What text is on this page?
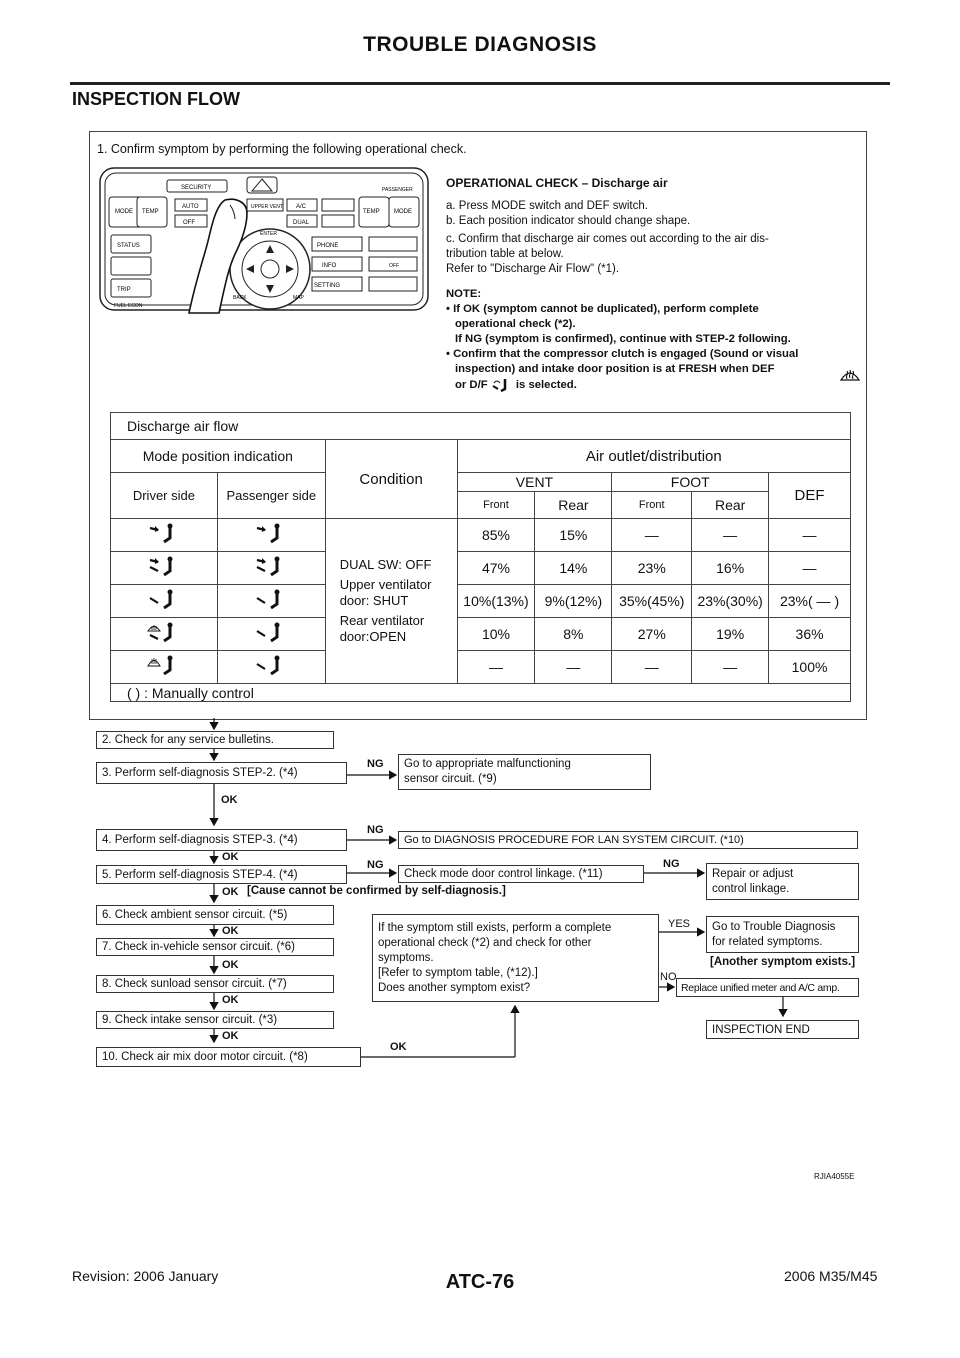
TROUBLE DIAGNOSIS
INSPECTION FLOW
1. Confirm symptom by performing the following operational check.
SECURITY	PASSENGER
MODE TEMP
AUTO
OFF
UPPER VENT A/C
DUAL
TEMP MODE
STATUS
TRIP
FUEL ECON
ENTER
BACK	MAP
PHONE
INFO
SETTING
OFF
OPERATIONAL CHECK – Discharge air
a. Press MODE switch and DEF switch.
b. Each position indicator should change shape.
c. Confirm that discharge air comes out according to the air dis-
tribution table at below.
Refer to "Discharge Air Flow" (*1).
NOTE:
• If OK (symptom cannot be duplicated), perform complete
operational check (*2).
If NG (symptom is confirmed), continue with STEP-2 following.
• Confirm that the compressor clutch is engaged (Sound or visual
inspection) and intake door position is at FRESH when DEF
or D/F	is selected.
Discharge air flow							
Mode position indication		Condition	Air outlet/distribution				
Driver side	Passenger side		VENT		FOOT		DEF
			Front	Rear	Front	Rear	

DUAL SW: OFF
Upper ventilator
door: SHUT
Rear ventilator
door:OPEN	85%	15%	—	—	—
		47%	14%	23%	16%	—
		10%(13%)	9%(12%)	35%(45%)	23%(30%)	23%( — )
		10%	8%	27%	19%	36%
		—	—	—	—	100%
( ) : Manually control							
2. Check for any service bulletins.
3. Perform self-diagnosis STEP-2. (*4)
Go to appropriate malfunctioning
sensor circuit. (*9)
4. Perform self-diagnosis STEP-3. (*4)	Go to DIAGNOSIS PROCEDURE FOR LAN SYSTEM CIRCUIT. (*10)
5. Perform self-diagnosis STEP-4. (*4)	Check mode door control linkage. (*11)	Repair or adjust
control linkage.
[Cause cannot be confirmed by self-diagnosis.]
6. Check ambient sensor circuit. (*5)
7. Check in-vehicle sensor circuit. (*6)
8. Check sunload sensor circuit. (*7)
9. Check intake sensor circuit. (*3)
10. Check air mix door motor circuit. (*8)
If the symptom still exists, perform a complete
operational check (*2) and check for other
symptoms.
[Refer to symptom table, (*12).]
Does another symptom exist?
Go to Trouble Diagnosis
for related symptoms.
[Another symptom exists.]
Replace unified meter and A/C amp.
INSPECTION END
NG
OK
NG
OK
NG	NG
OK
OK
OK
OK
OK
OK
YES
NO
RJIA4055E
Revision: 2006 January	ATC-76	2006 M35/M45
